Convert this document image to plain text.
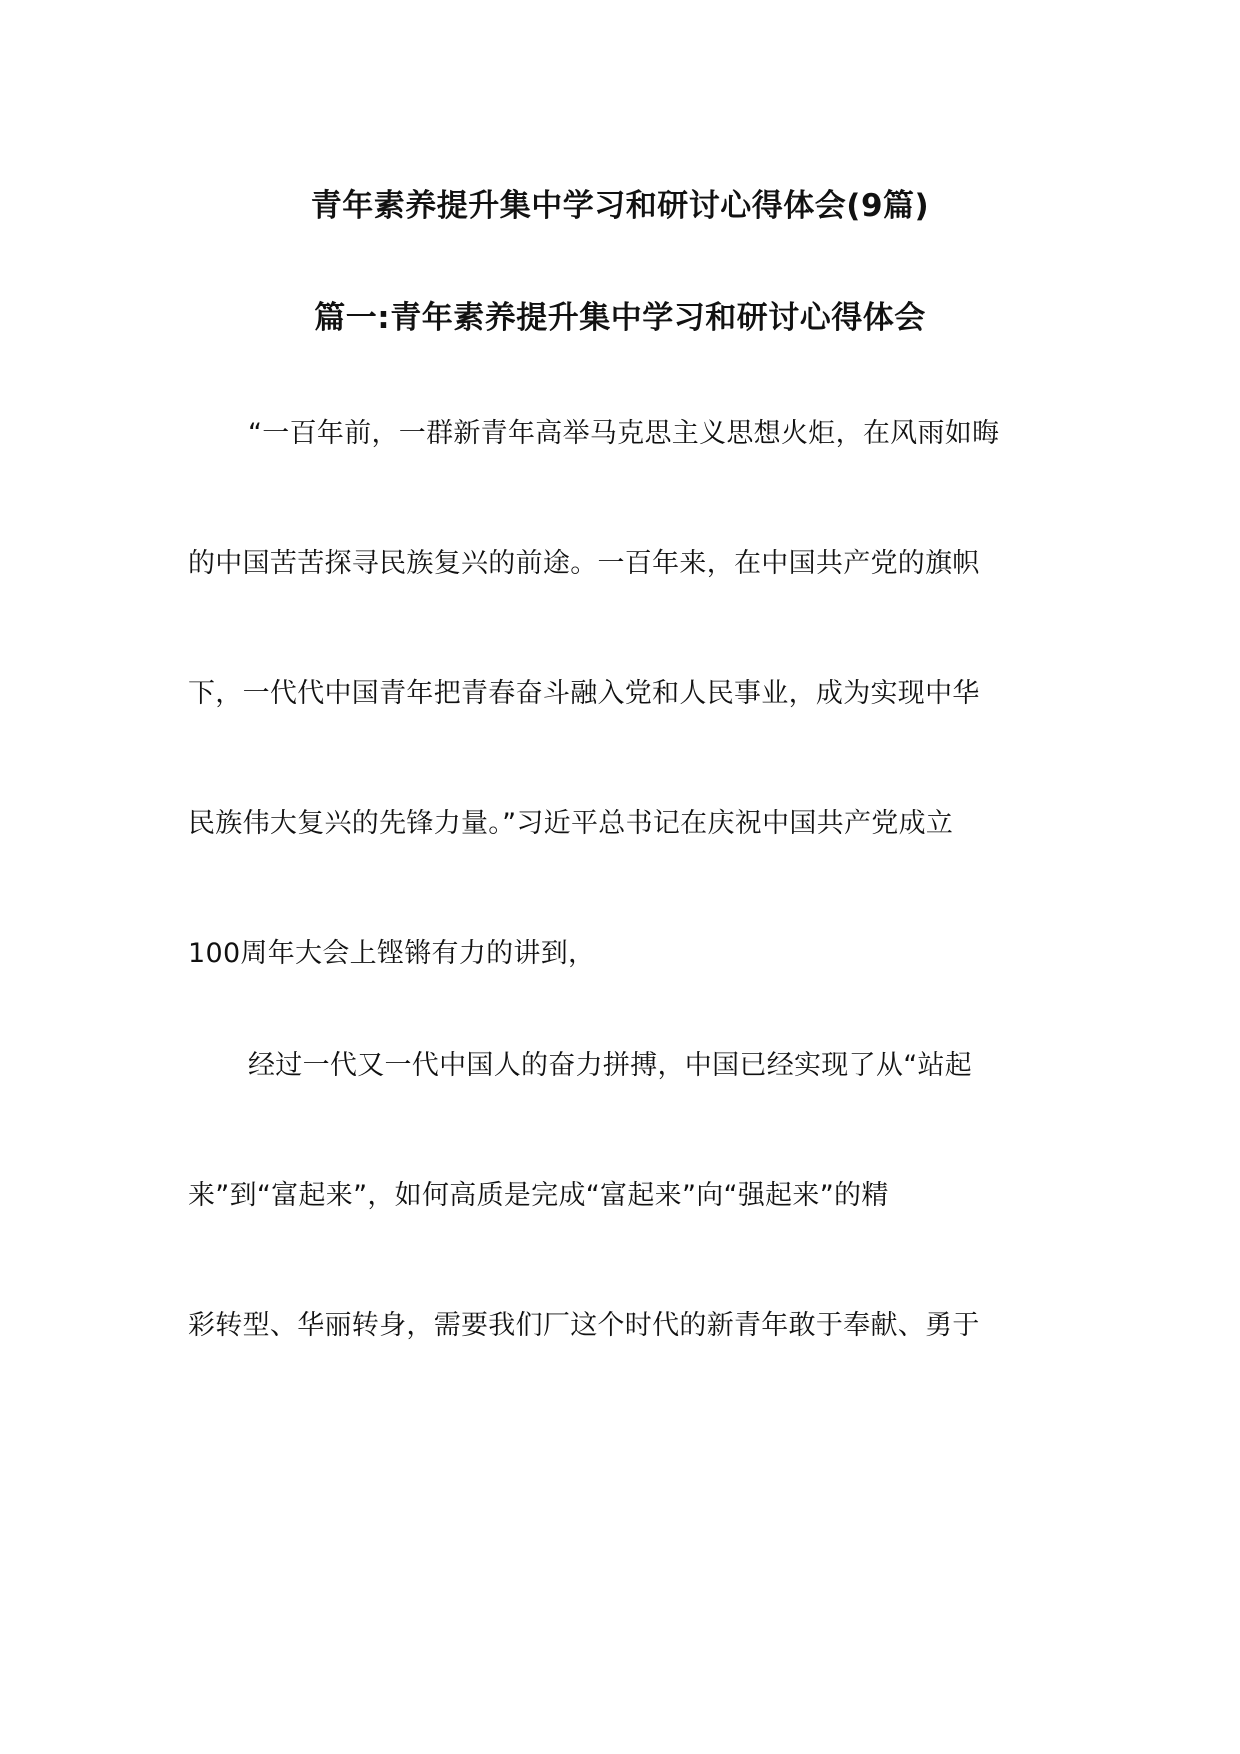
青年素养提升集中学习和研讨心得体会(9篇)
篇一:青年素养提升集中学习和研讨心得体会
“一百年前，一群新青年高举马克思主义思想火炬，在风雨如晦
的中国苦苦探寻民族复兴的前途。一百年来，在中国共产党的旗帜
下，一代代中国青年把青春奋斗融入党和人民事业，成为实现中华
民族伟大复兴的先锋力量。”习近平总书记在庆祝中国共产党成立
100周年大会上铿锵有力的讲到，
经过一代又一代中国人的奋力拼搏，中国已经实现了从“站起
来”到“富起来”，如何高质是完成“富起来”向“强起来”的精
彩转型、华丽转身，需要我们厂这个时代的新青年敢于奉献、勇于
